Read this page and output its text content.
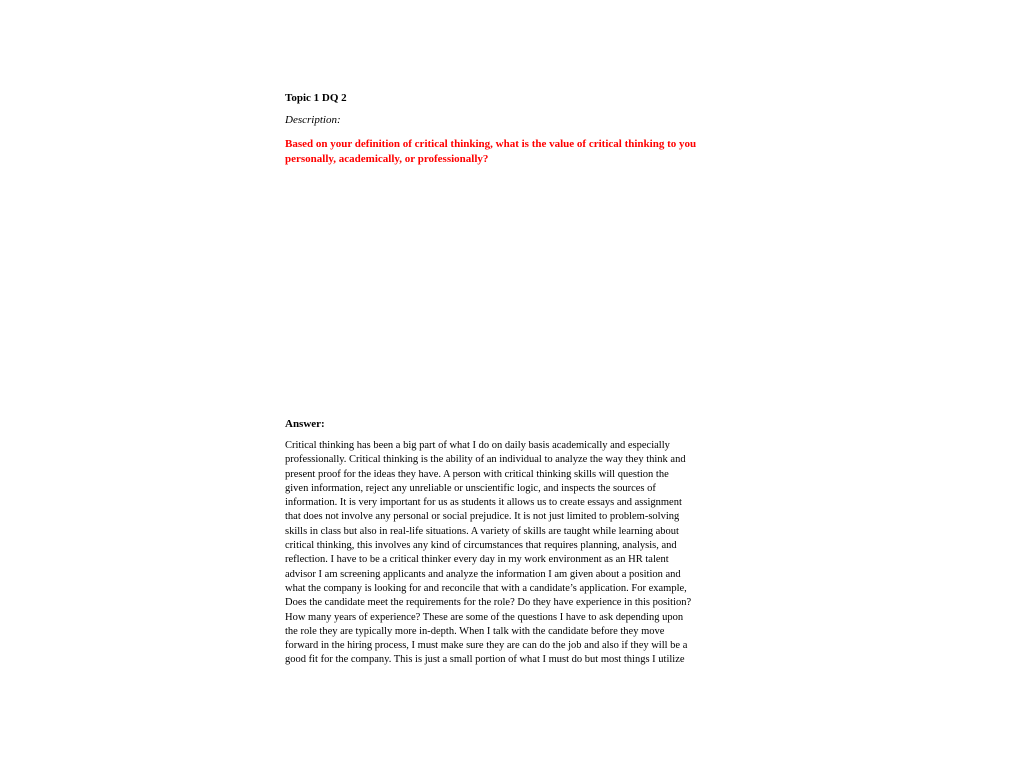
Topic 1 DQ 2
Description:
Based on your definition of critical thinking, what is the value of critical thinking to you
personally, academically, or professionally?
Answer:
Critical thinking has been a big part of what I do on daily basis academically and especially
professionally. Critical thinking is the ability of an individual to analyze the way they think and
present proof for the ideas they have. A person with critical thinking skills will question the
given information, reject any unreliable or unscientific logic, and inspects the sources of
information. It is very important for us as students it allows us to create essays and assignment
that does not involve any personal or social prejudice. It is not just limited to problem-solving
skills in class but also in real-life situations. A variety of skills are taught while learning about
critical thinking, this involves any kind of circumstances that requires planning, analysis, and
reflection. I have to be a critical thinker every day in my work environment as an HR talent
advisor I am screening applicants and analyze the information I am given about a position and
what the company is looking for and reconcile that with a candidate’s application. For example,
Does the candidate meet the requirements for the role? Do they have experience in this position?
How many years of experience? These are some of the questions I have to ask depending upon
the role they are typically more in-depth. When I talk with the candidate before they move
forward in the hiring process, I must make sure they are can do the job and also if they will be a
good fit for the company. This is just a small portion of what I must do but most things I utilize
